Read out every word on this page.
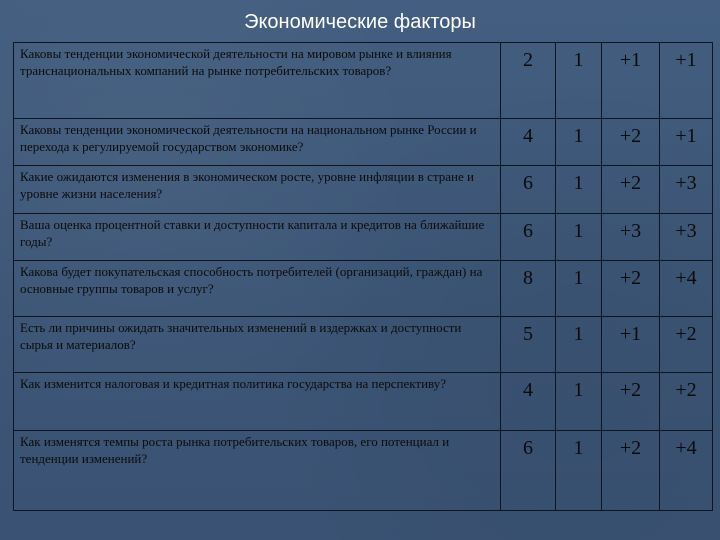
Экономические факторы
Каковы тенденции экономической деятельности на мировом рынке и влияния транснациональных компаний на рынке потребительских товаров?	2	1	+1	+1
Каковы тенденции экономической деятельности на национальном рынке России и перехода к регулируемой государством экономике?	4	1	+2	+1
Какие ожидаются изменения в экономическом росте, уровне инфляции в стране и уровне жизни населения?	6	1	+2	+3
Ваша оценка процентной ставки и доступности капитала и кредитов на ближайшие годы?	6	1	+3	+3
Какова будет покупательская способность потребителей (организаций, граждан) на основные группы товаров и услуг?	8	1	+2	+4
Есть ли причины ожидать значительных изменений в издержках и доступности сырья и материалов?	5	1	+1	+2
Как изменится налоговая и кредитная политика государства на перспективу?	4	1	+2	+2
Как изменятся темпы роста рынка потребительских товаров, его потенциал и тенденции изменений?	6	1	+2	+4
